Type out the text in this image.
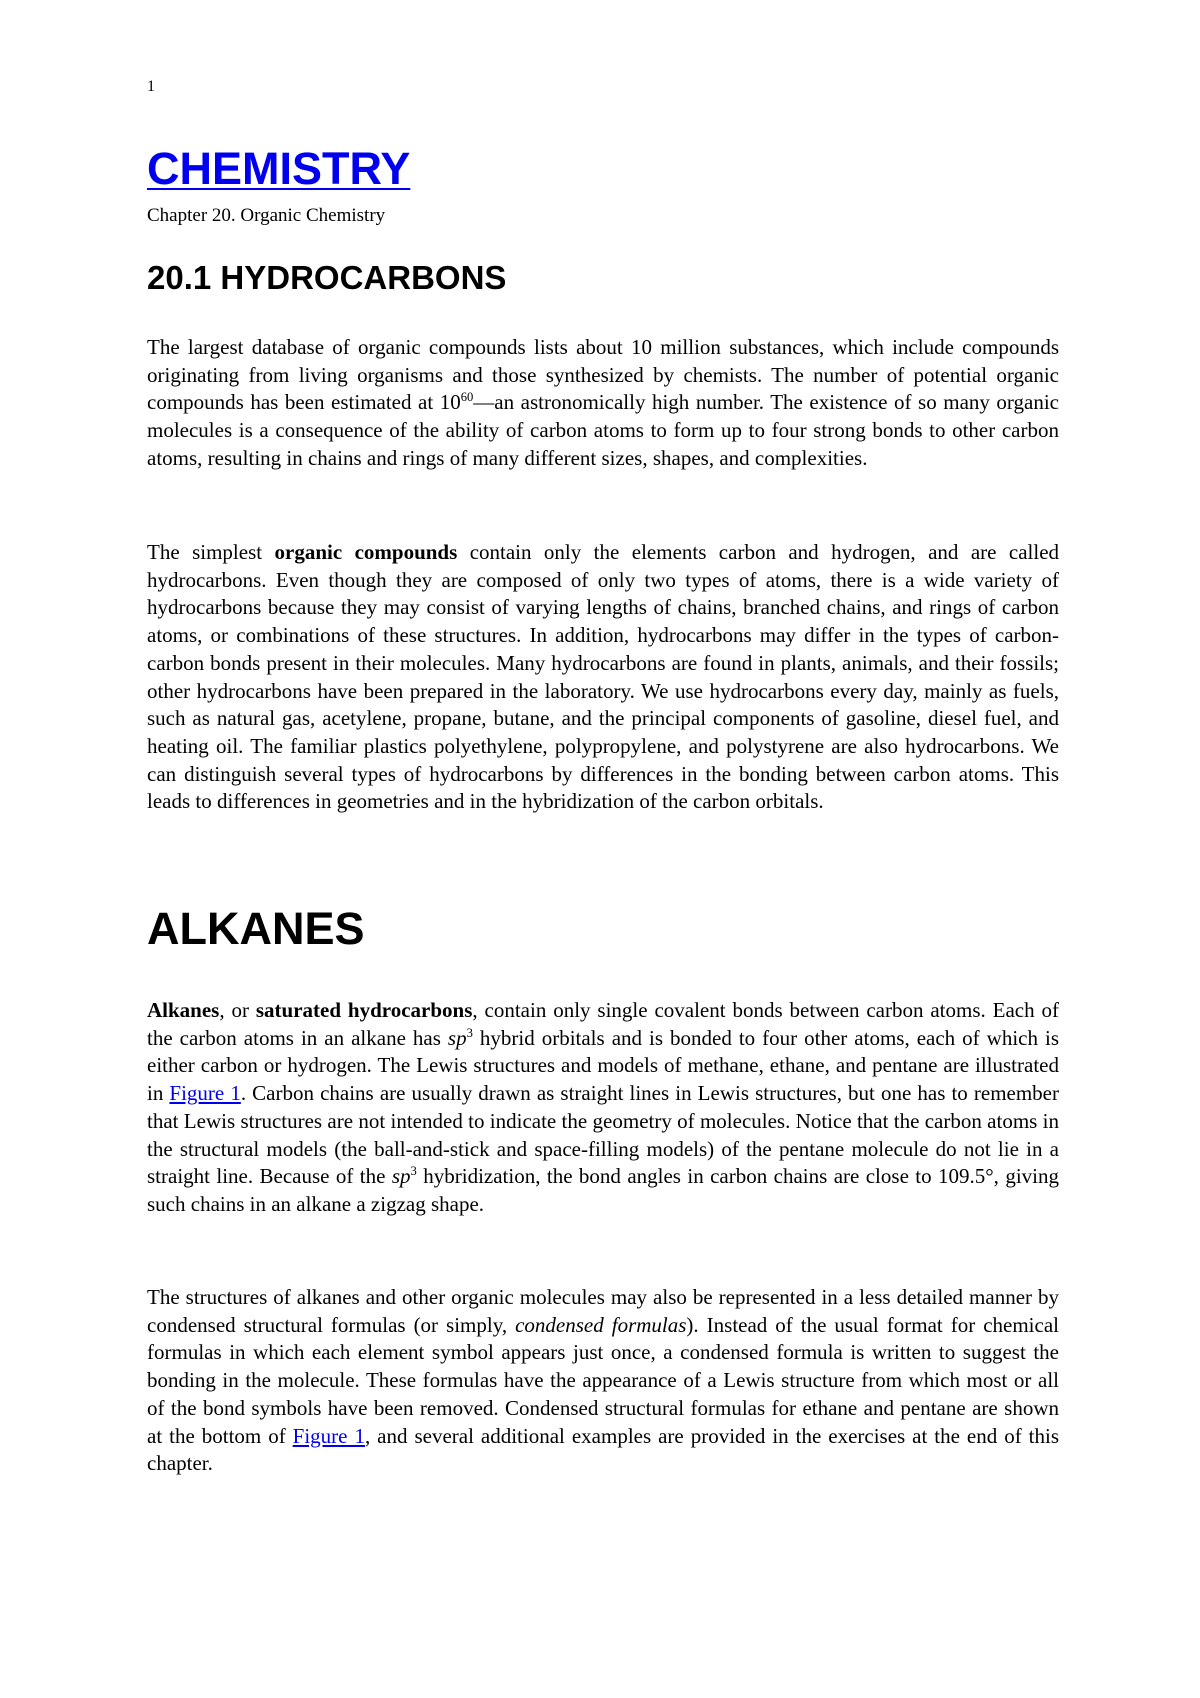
1
CHEMISTRY
Chapter 20. Organic Chemistry
20.1 HYDROCARBONS

The largest database of organic compounds lists about 10 million substances, which include compounds originating from living organisms and those synthesized by chemists. The number of potential organic compounds has been estimated at $10^{60}—an$ astronomically high number. The existence of so many organic molecules is a consequence of the ability of carbon atoms to form up to four strong bonds to other carbon atoms, resulting in chains and rings of many different sizes, shapes, and complexities.

The simplest organic compounds contain only the elements carbon and hydrogen, and are called hydrocarbons. Even though they are composed of only two types of atoms, there is a wide variety of hydrocarbons because they may consist of varying lengths of chains, branched chains, and rings of carbon atoms, or combinations of these structures. In addition, hydrocarbons may differ in the types of carbon-carbon bonds present in their molecules. Many hydrocarbons are found in plants, animals, and their fossils; other hydrocarbons have been prepared in the laboratory. We use hydrocarbons every day, mainly as fuels, such as natural gas, acetylene, propane, butane, and the principal components of gasoline, diesel fuel, and heating oil. The familiar plastics polyethylene, polypropylene, and polystyrene are also hydrocarbons. We can distinguish several types of hydrocarbons by differences in the bonding between carbon atoms. This leads to differences in geometries and in the hybridization of the carbon orbitals.

ALKANES

Alkanes, or saturated hydrocarbons, contain only single covalent bonds between carbon atoms. Each of the carbon atoms in an alkane has $sp^3$ hybrid orbitals and is bonded to four other atoms, each of which is either carbon or hydrogen. The Lewis structures and models of methane, ethane, and pentane are illustrated in Figure 1. Carbon chains are usually drawn as straight lines in Lewis structures, but one has to remember that Lewis structures are not intended to indicate the geometry of molecules. Notice that the carbon atoms in the structural models (the ball-and-stick and space-filling models) of the pentane molecule do not lie in a straight line. Because of the $sp^3$ hybridization, the bond angles in carbon chains are close to 109.5°, giving such chains in an alkane a zigzag shape.

The structures of alkanes and other organic molecules may also be represented in a less detailed manner by condensed structural formulas (or simply, condensed formulas). Instead of the usual format for chemical formulas in which each element symbol appears just once, a condensed formula is written to suggest the bonding in the molecule. These formulas have the appearance of a Lewis structure from which most or all of the bond symbols have been removed. Condensed structural formulas for ethane and pentane are shown at the bottom of Figure 1, and several additional examples are provided in the exercises at the end of this chapter.
